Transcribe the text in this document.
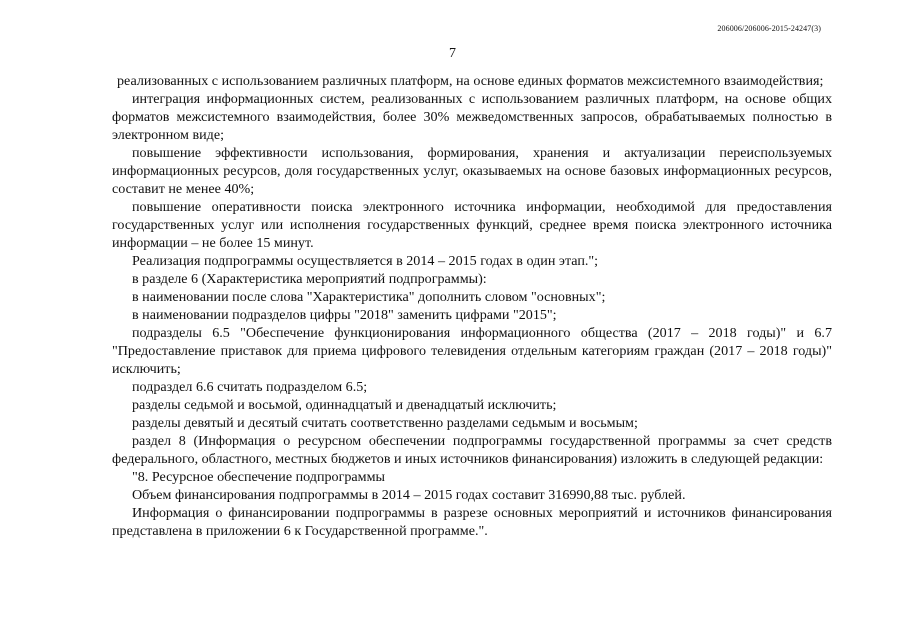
206006/206006-2015-24247(3)
7

реализованных с использованием различных платформ, на основе единых форматов межсистемного взаимодействия;

интеграция информационных систем, реализованных с использованием различных платформ, на основе общих форматов межсистемного взаимодействия, более 30% межведомственных запросов, обрабатываемых полностью в электронном виде;

повышение эффективности использования, формирования, хранения и актуализации переиспользуемых информационных ресурсов, доля государственных услуг, оказываемых на основе базовых информационных ресурсов, составит не менее 40%;

повышение оперативности поиска электронного источника информации, необходимой для предоставления государственных услуг или исполнения государственных функций, среднее время поиска электронного источника информации – не более 15 минут.

Реализация подпрограммы осуществляется в 2014 – 2015 годах в один этап.";

в разделе 6 (Характеристика мероприятий подпрограммы):

в наименовании после слова "Характеристика" дополнить словом "основных";

в наименовании подразделов цифры "2018" заменить цифрами "2015";

подразделы 6.5 "Обеспечение функционирования информационного общества (2017 – 2018 годы)" и 6.7 "Предоставление приставок для приема цифрового телевидения отдельным категориям граждан (2017 – 2018 годы)" исключить;

подраздел 6.6 считать подразделом 6.5;

разделы седьмой и восьмой, одиннадцатый и двенадцатый исключить;

разделы девятый и десятый считать соответственно разделами седьмым и восьмым;

раздел 8 (Информация о ресурсном обеспечении подпрограммы государственной программы за счет средств федерального, областного, местных бюджетов и иных источников финансирования) изложить в следующей редакции:

"8. Ресурсное обеспечение подпрограммы

Объем финансирования подпрограммы в 2014 – 2015 годах составит 316990,88 тыс. рублей.

Информация о финансировании подпрограммы в разрезе основных мероприятий и источников финансирования представлена в приложении 6 к Государственной программе.".
